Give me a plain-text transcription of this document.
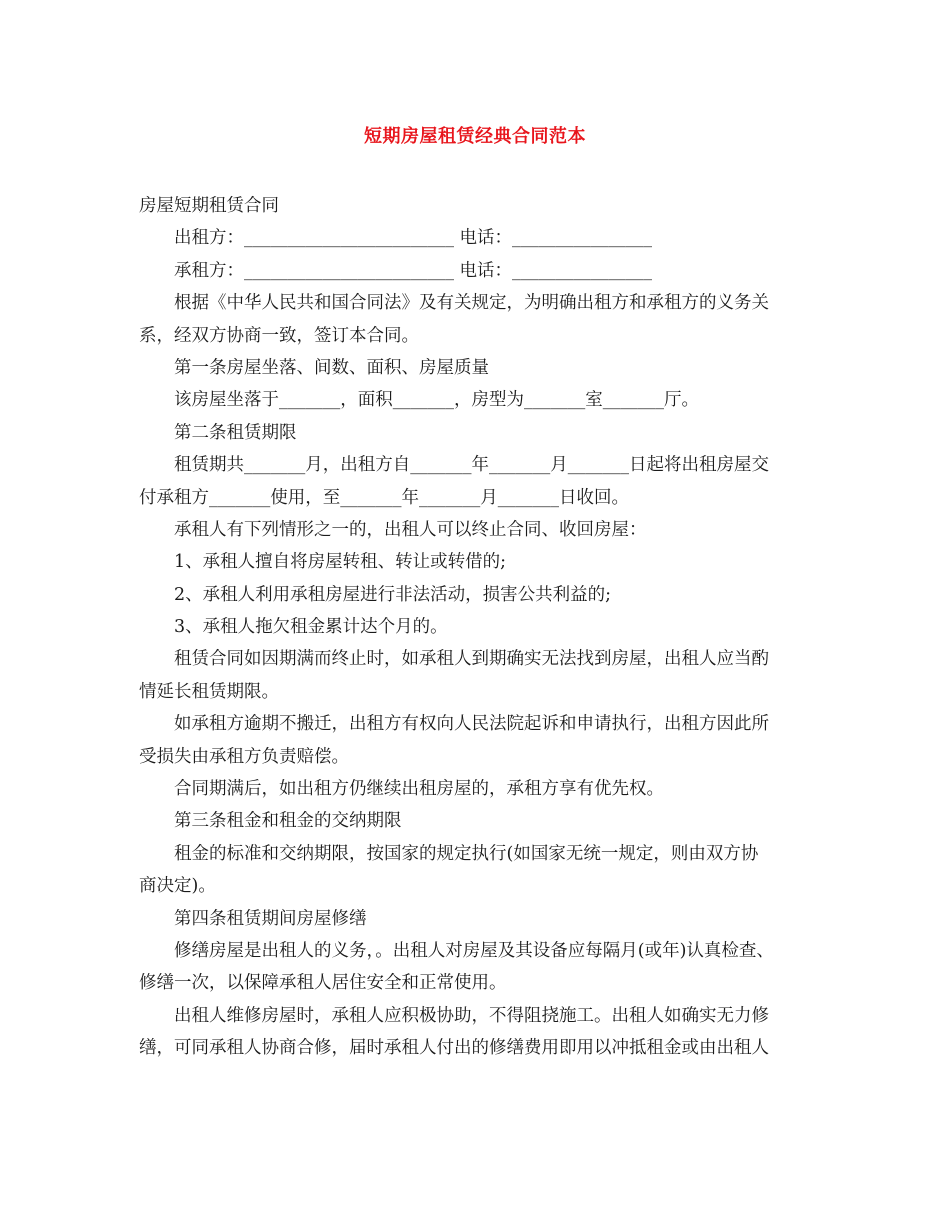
短期房屋租赁经典合同范本

房屋短期租赁合同

出租方：________________________ 电话：________________

承租方：________________________ 电话：________________

根据《中华人民共和国合同法》及有关规定，为明确出租方和承租方的义务关

系，经双方协商一致，签订本合同。

第一条房屋坐落、间数、面积、房屋质量

该房屋坐落于_______，面积_______，房型为_______室_______厅。

第二条租赁期限

租赁期共_______月，出租方自_______年_______月_______日起将出租房屋交

付承租方_______使用，至_______年_______月_______日收回。

承租人有下列情形之一的，出租人可以终止合同、收回房屋：

1、承租人擅自将房屋转租、转让或转借的;

2、承租人利用承租房屋进行非法活动，损害公共利益的;

3、承租人拖欠租金累计达个月的。

租赁合同如因期满而终止时，如承租人到期确实无法找到房屋，出租人应当酌

情延长租赁期限。

如承租方逾期不搬迁，出租方有权向人民法院起诉和申请执行，出租方因此所

受损失由承租方负责赔偿。

合同期满后，如出租方仍继续出租房屋的，承租方享有优先权。

第三条租金和租金的交纳期限

租金的标准和交纳期限，按国家的规定执行(如国家无统一规定，则由双方协

商决定)。

第四条租赁期间房屋修缮

修缮房屋是出租人的义务，。出租人对房屋及其设备应每隔月(或年)认真检查、

修缮一次，以保障承租人居住安全和正常使用。

出租人维修房屋时，承租人应积极协助，不得阻挠施工。出租人如确实无力修

缮，可同承租人协商合修，届时承租人付出的修缮费用即用以冲抵租金或由出租人
